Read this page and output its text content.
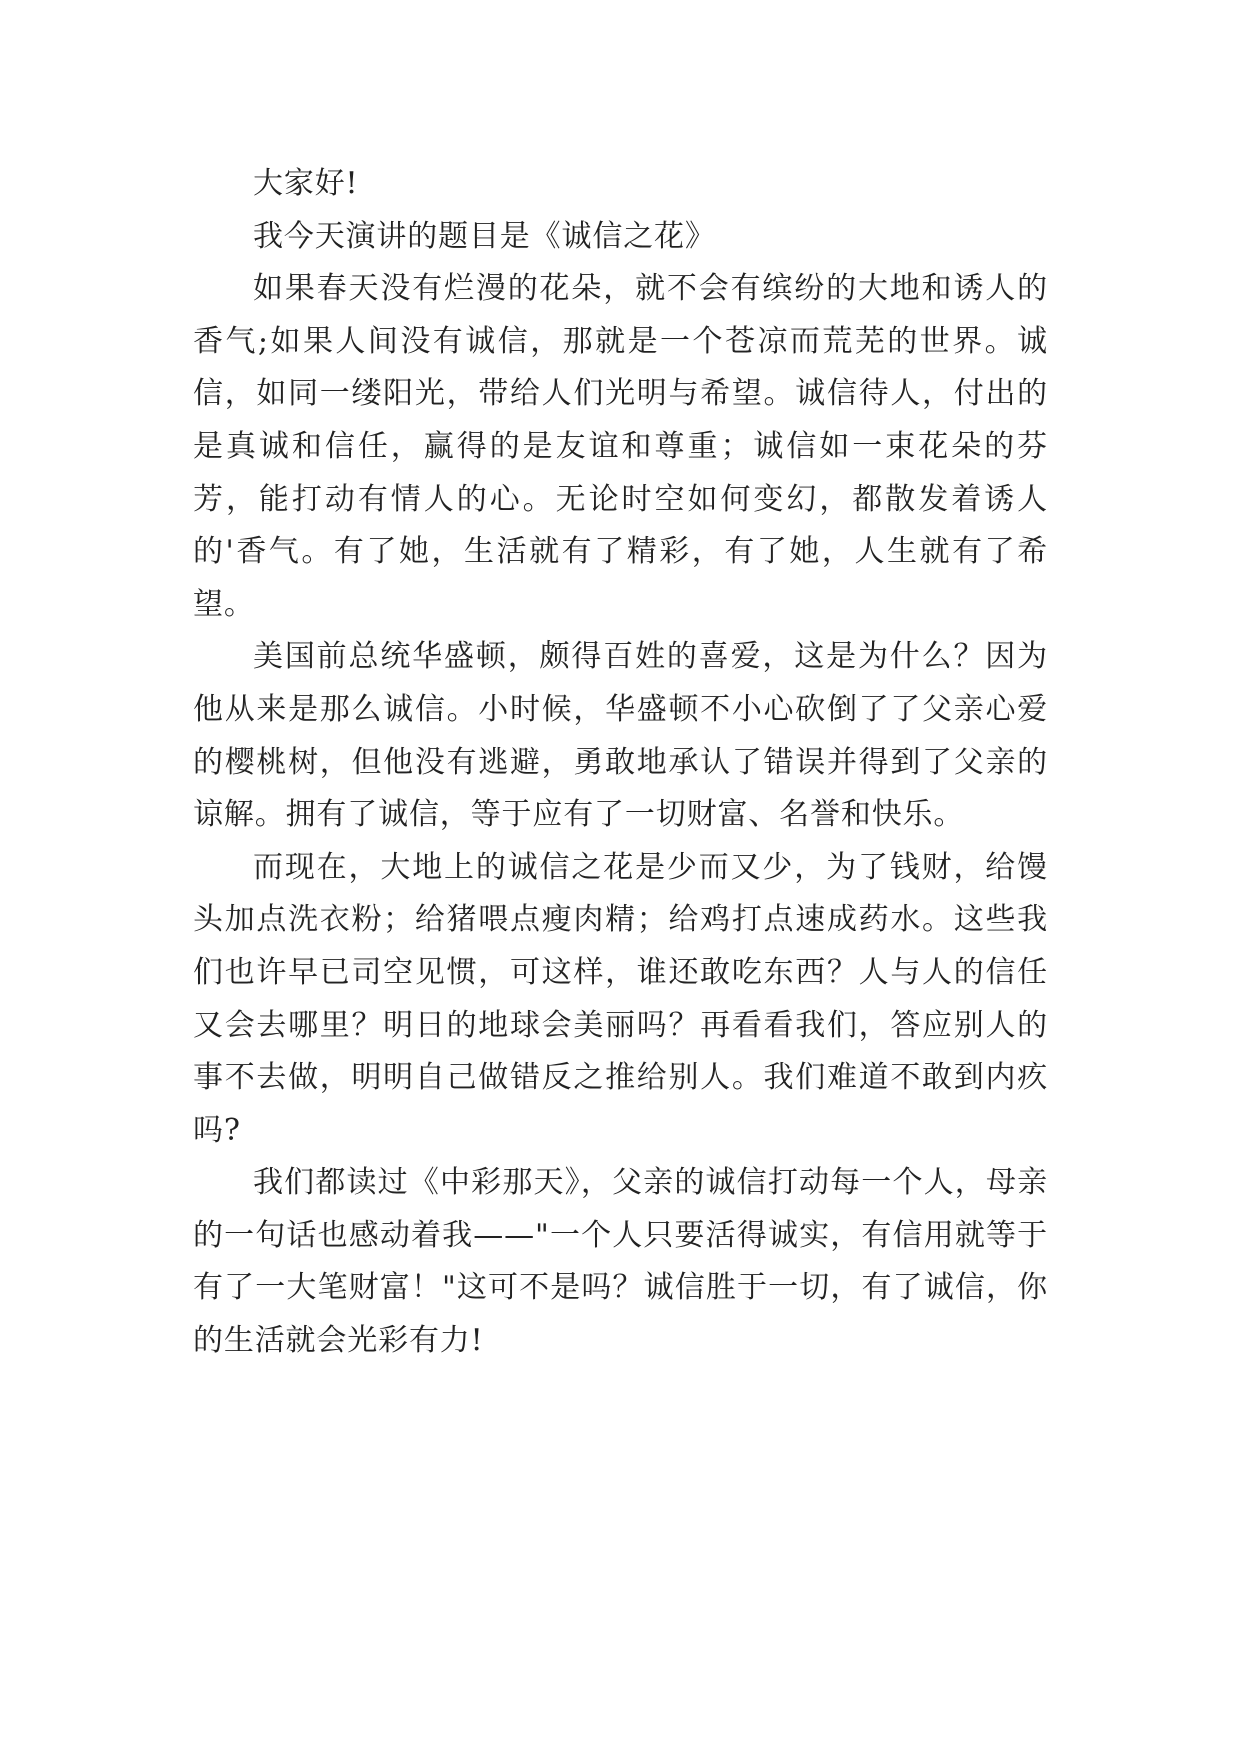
大家好!

我今天演讲的题目是《诚信之花》

如果春天没有烂漫的花朵，就不会有缤纷的大地和诱人的香气;如果人间没有诚信，那就是一个苍凉而荒芜的世界。诚信，如同一缕阳光，带给人们光明与希望。诚信待人，付出的是真诚和信任，赢得的是友谊和尊重；诚信如一束花朵的芬芳，能打动有情人的心。无论时空如何变幻，都散发着诱人的'香气。有了她，生活就有了精彩，有了她，人生就有了希望。

美国前总统华盛顿，颇得百姓的喜爱，这是为什么？因为他从来是那么诚信。小时候，华盛顿不小心砍倒了了父亲心爱的樱桃树，但他没有逃避，勇敢地承认了错误并得到了父亲的谅解。拥有了诚信，等于应有了一切财富、名誉和快乐。

而现在，大地上的诚信之花是少而又少，为了钱财，给馒头加点洗衣粉；给猪喂点瘦肉精；给鸡打点速成药水。这些我们也许早已司空见惯，可这样，谁还敢吃东西？人与人的信任又会去哪里？明日的地球会美丽吗？再看看我们，答应别人的事不去做，明明自己做错反之推给别人。我们难道不敢到内疚吗?

我们都读过《中彩那天》，父亲的诚信打动每一个人，母亲的一句话也感动着我——"一个人只要活得诚实，有信用就等于有了一大笔财富！"这可不是吗？诚信胜于一切，有了诚信，你的生活就会光彩有力!
